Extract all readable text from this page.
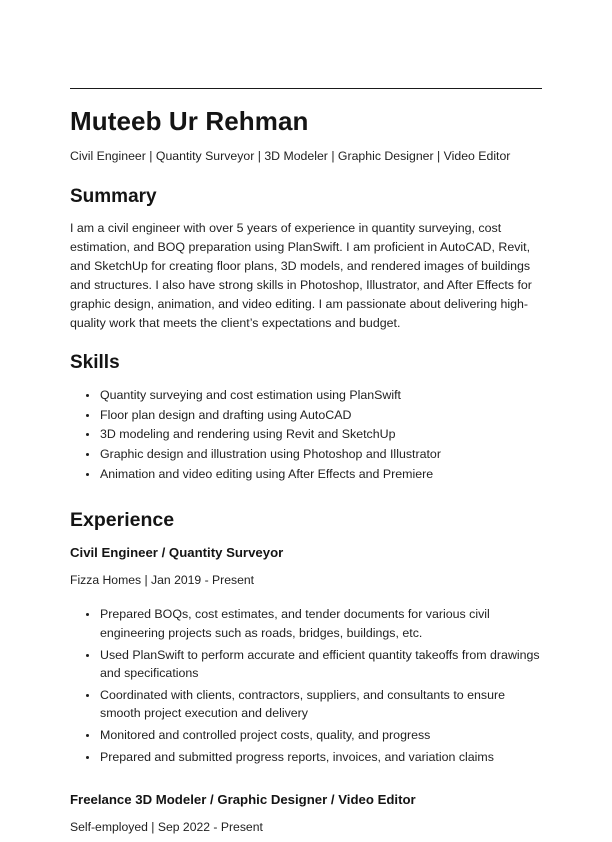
Muteeb Ur Rehman
Civil Engineer | Quantity Surveyor | 3D Modeler | Graphic Designer | Video Editor
Summary

I am a civil engineer with over 5 years of experience in quantity surveying, cost estimation, and BOQ preparation using PlanSwift. I am proficient in AutoCAD, Revit, and SketchUp for creating floor plans, 3D models, and rendered images of buildings and structures. I also have strong skills in Photoshop, Illustrator, and After Effects for graphic design, animation, and video editing. I am passionate about delivering high-quality work that meets the client’s expectations and budget.

Skills
Quantity surveying and cost estimation using PlanSwift
Floor plan design and drafting using AutoCAD
3D modeling and rendering using Revit and SketchUp
Graphic design and illustration using Photoshop and Illustrator
Animation and video editing using After Effects and Premiere
Experience
Civil Engineer / Quantity Surveyor
Fizza Homes | Jan 2019 - Present
Prepared BOQs, cost estimates, and tender documents for various civil engineering projects such as roads, bridges, buildings, etc.
Used PlanSwift to perform accurate and efficient quantity takeoffs from drawings and specifications
Coordinated with clients, contractors, suppliers, and consultants to ensure smooth project execution and delivery
Monitored and controlled project costs, quality, and progress
Prepared and submitted progress reports, invoices, and variation claims
Freelance 3D Modeler / Graphic Designer / Video Editor
Self-employed | Sep 2022 - Present
